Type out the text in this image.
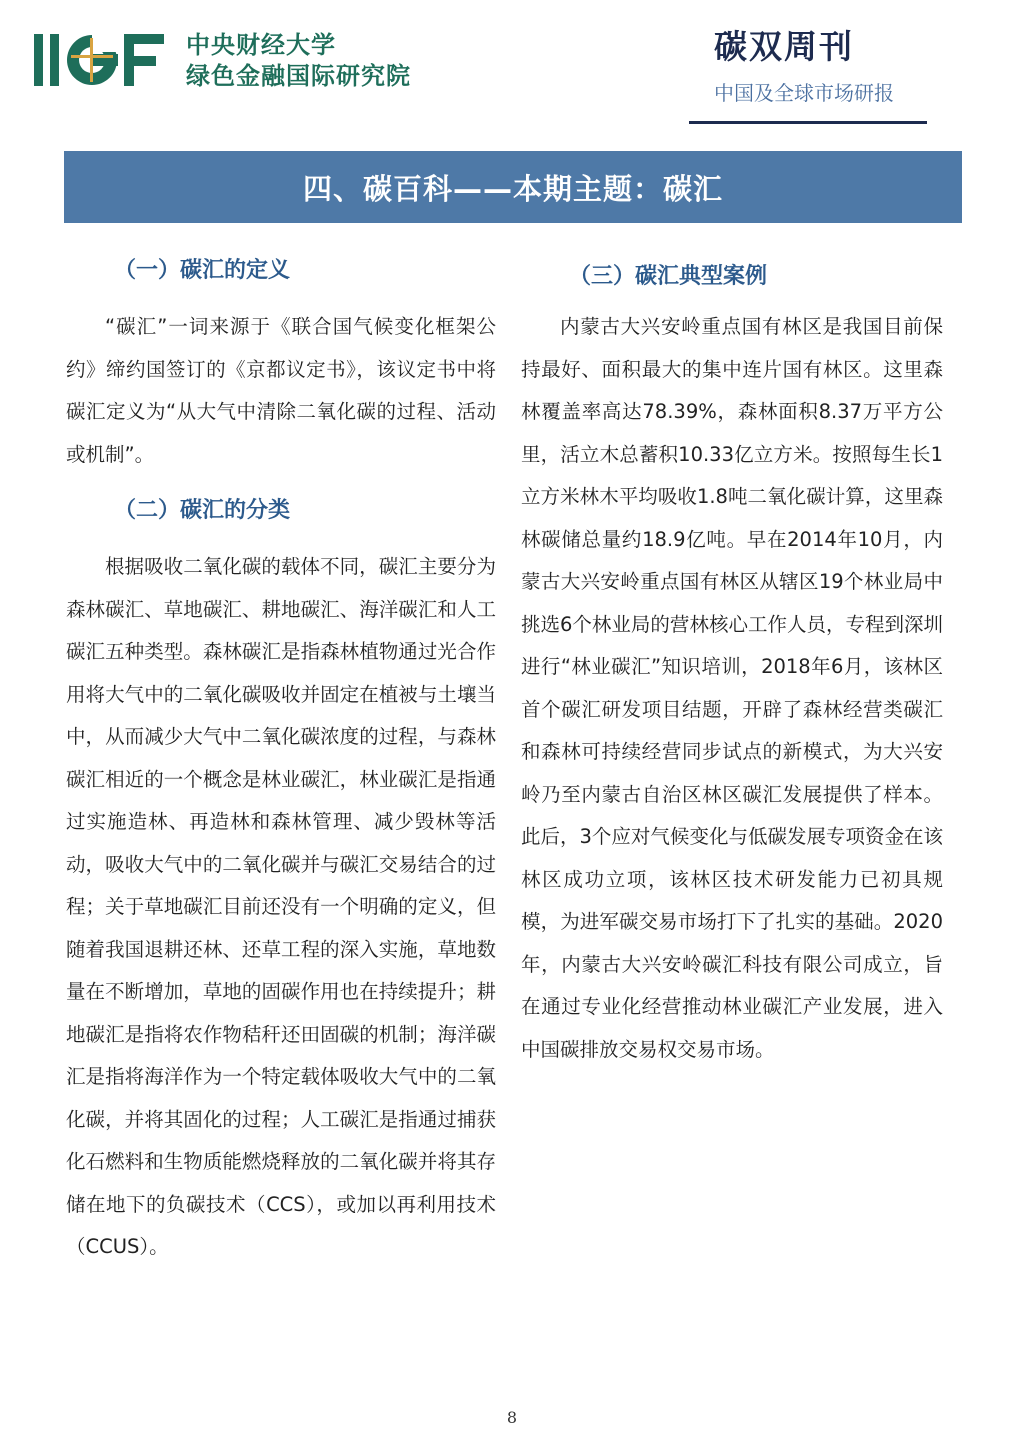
中央财经大学
绿色金融国际研究院
碳双周刊
中国及全球市场研报
四、碳百科——本期主题：碳汇
（一）碳汇的定义

“碳汇”一词来源于《联合国气候变化框架公约》缔约国签订的《京都议定书》，该议定书中将碳汇定义为“从大气中清除二氧化碳的过程、活动或机制”。

（二）碳汇的分类

根据吸收二氧化碳的载体不同，碳汇主要分为森林碳汇、草地碳汇、耕地碳汇、海洋碳汇和人工碳汇五种类型。森林碳汇是指森林植物通过光合作用将大气中的二氧化碳吸收并固定在植被与土壤当中，从而减少大气中二氧化碳浓度的过程，与森林碳汇相近的一个概念是林业碳汇，林业碳汇是指通过实施造林、再造林和森林管理、减少毁林等活动，吸收大气中的二氧化碳并与碳汇交易结合的过程；关于草地碳汇目前还没有一个明确的定义，但随着我国退耕还林、还草工程的深入实施，草地数量在不断增加，草地的固碳作用也在持续提升；耕地碳汇是指将农作物秸秆还田固碳的机制；海洋碳汇是指将海洋作为一个特定载体吸收大气中的二氧化碳，并将其固化的过程；人工碳汇是指通过捕获化石燃料和生物质能燃烧释放的二氧化碳并将其存储在地下的负碳技术（CCS），或加以再利用技术（CCUS）。

（三）碳汇典型案例

内蒙古大兴安岭重点国有林区是我国目前保持最好、面积最大的集中连片国有林区。这里森林覆盖率高达78.39%，森林面积8.37万平方公里，活立木总蓄积10.33亿立方米。按照每生长1立方米林木平均吸收1.8吨二氧化碳计算，这里森林碳储总量约18.9亿吨。早在2014年10月，内蒙古大兴安岭重点国有林区从辖区19个林业局中挑选6个林业局的营林核心工作人员，专程到深圳进行“林业碳汇”知识培训，2018年6月，该林区首个碳汇研发项目结题，开辟了森林经营类碳汇和森林可持续经营同步试点的新模式，为大兴安岭乃至内蒙古自治区林区碳汇发展提供了样本。此后，3个应对气候变化与低碳发展专项资金在该林区成功立项，该林区技术研发能力已初具规模，为进军碳交易市场打下了扎实的基础。2020年，内蒙古大兴安岭碳汇科技有限公司成立，旨在通过专业化经营推动林业碳汇产业发展，进入中国碳排放交易权交易市场。

8
